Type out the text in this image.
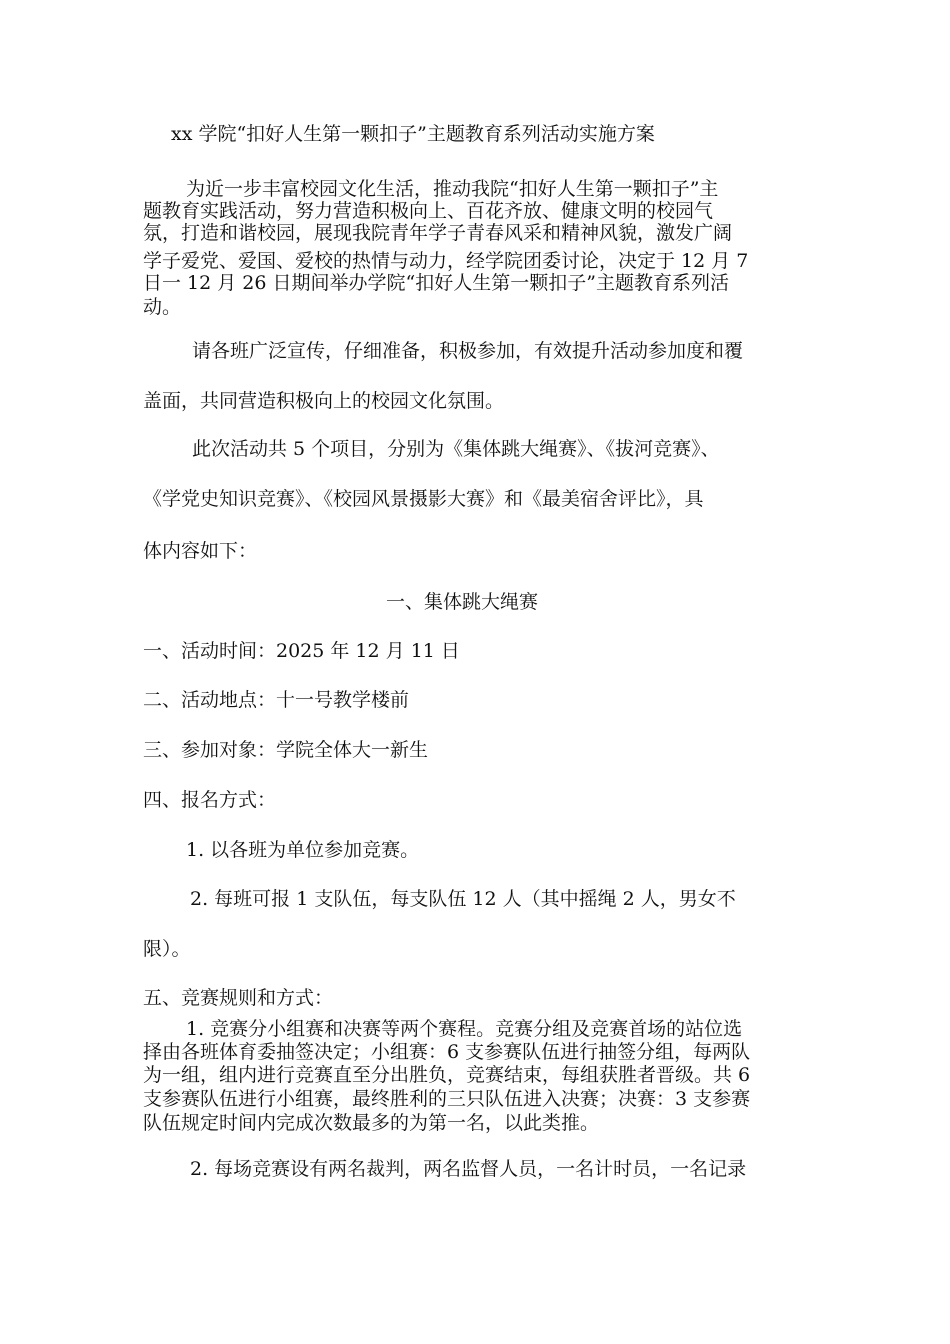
xx 学院“扣好人生第一颗扣子”主题教育系列活动实施方案
为近一步丰富校园文化生活，推动我院“扣好人生第一颗扣子”主
题教育实践活动，努力营造积极向上、百花齐放、健康文明的校园气
氛，打造和谐校园，展现我院青年学子青春风采和精神风貌，激发广阔
学子爱党、爱国、爱校的热情与动力，经学院团委讨论，决定于 12 月 7
日一 12 月 26 日期间举办学院“扣好人生第一颗扣子”主题教育系列活
动。
请各班广泛宣传，仔细准备，积极参加，有效提升活动参加度和覆
盖面，共同营造积极向上的校园文化氛围。
此次活动共 5 个项目，分别为《集体跳大绳赛》、《拔河竞赛》、
《学党史知识竞赛》、《校园风景摄影大赛》和《最美宿舍评比》，具
体内容如下：
一、集体跳大绳赛
一、活动时间：2025 年 12 月 11 日
二、活动地点：十一号教学楼前
三、参加对象：学院全体大一新生
四、报名方式：
1. 以各班为单位参加竞赛。
2. 每班可报 1 支队伍，每支队伍 12 人（其中摇绳 2 人，男女不
限）。
五、竞赛规则和方式：
1. 竞赛分小组赛和决赛等两个赛程。竞赛分组及竞赛首场的站位选
择由各班体育委抽签决定；小组赛：6 支参赛队伍进行抽签分组，每两队
为一组，组内进行竞赛直至分出胜负，竞赛结束，每组获胜者晋级。共 6
支参赛队伍进行小组赛，最终胜利的三只队伍进入决赛；决赛：3 支参赛
队伍规定时间内完成次数最多的为第一名，以此类推。
2. 每场竞赛设有两名裁判，两名监督人员，一名计时员，一名记录
